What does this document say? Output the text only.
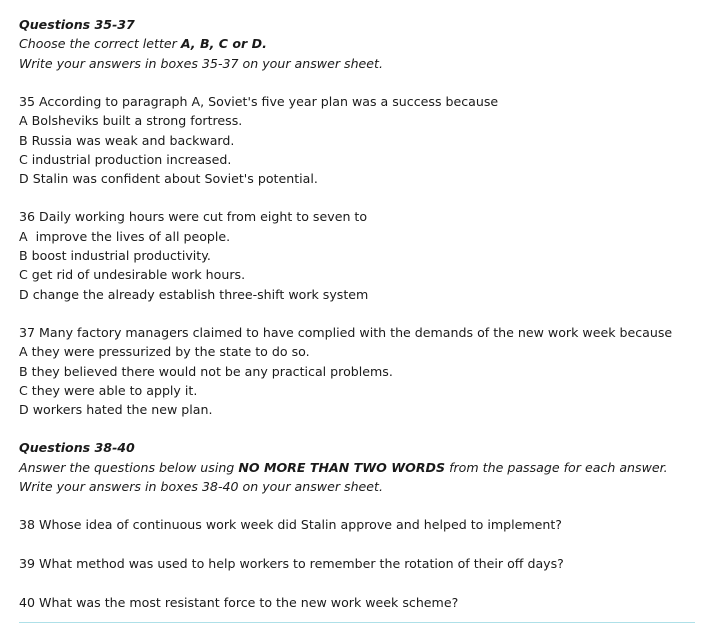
Questions 35-37
Choose the correct letter A, B, C or D.
Write your answers in boxes 35-37 on your answer sheet.
35 According to paragraph A, Soviet's five year plan was a success because
A Bolsheviks built a strong fortress.
B Russia was weak and backward.
C industrial production increased.
D Stalin was confident about Soviet's potential.
36 Daily working hours were cut from eight to seven to
A  improve the lives of all people.
B boost industrial productivity.
C get rid of undesirable work hours.
D change the already establish three-shift work system
37 Many factory managers claimed to have complied with the demands of the new work week because
A they were pressurized by the state to do so.
B they believed there would not be any practical problems.
C they were able to apply it.
D workers hated the new plan.
Questions 38-40
Answer the questions below using NO MORE THAN TWO WORDS from the passage for each answer.
Write your answers in boxes 38-40 on your answer sheet.
38 Whose idea of continuous work week did Stalin approve and helped to implement?
39 What method was used to help workers to remember the rotation of their off days?
40 What was the most resistant force to the new work week scheme?
